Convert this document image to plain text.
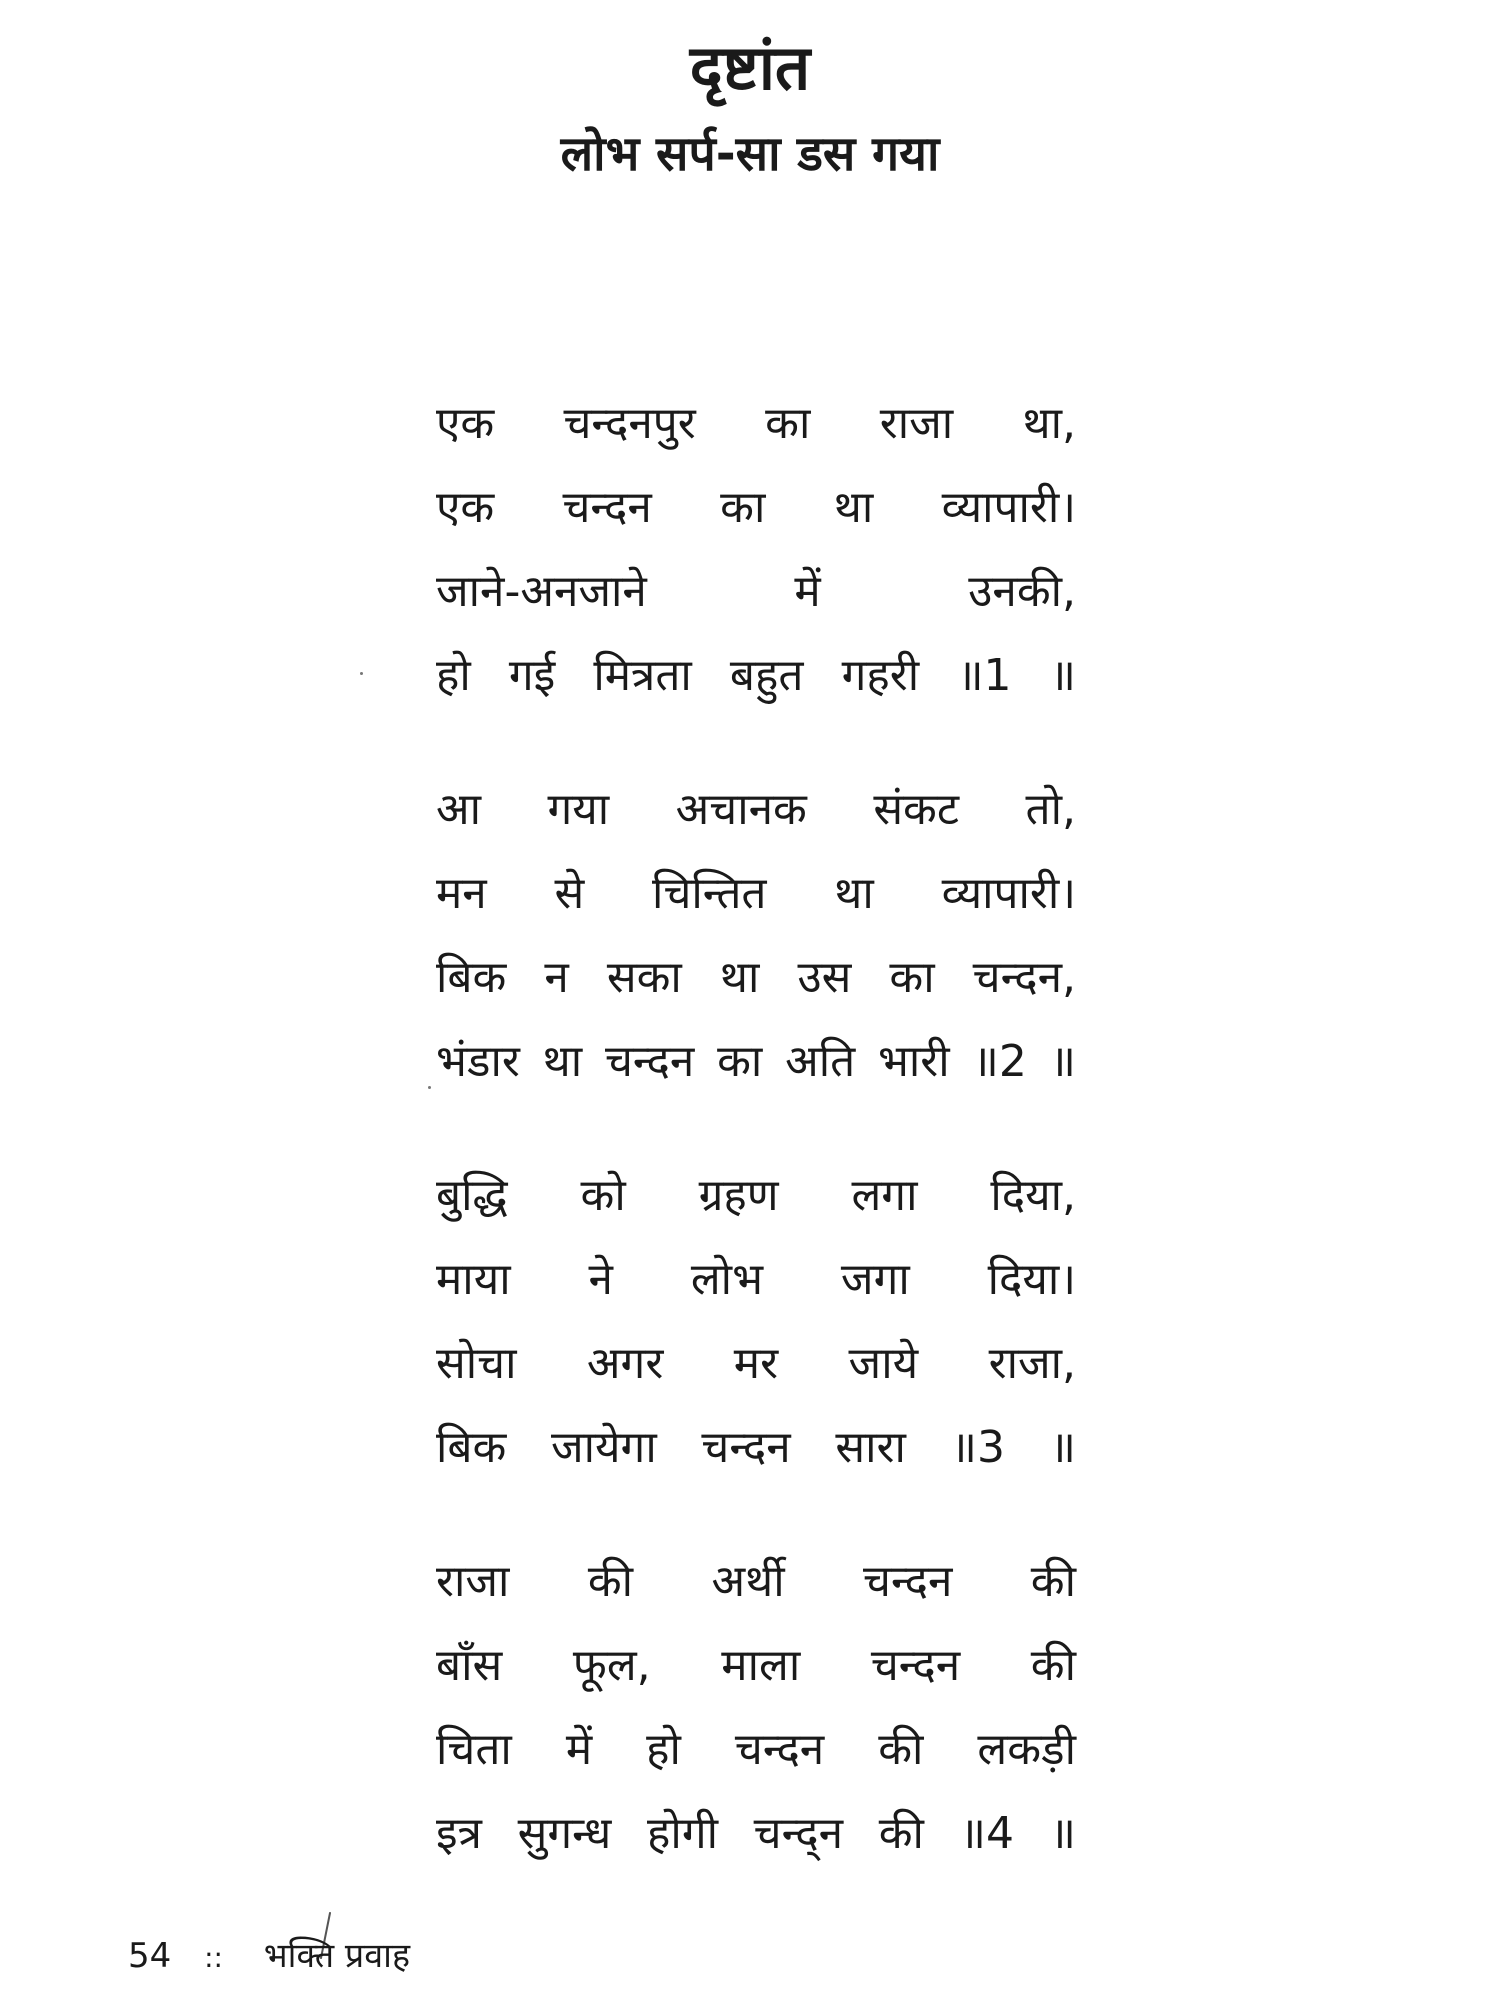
दृष्टांत
लोभ सर्प-सा डस गया
एक चन्दनपुर का राजा था,
एक चन्दन का था व्यापारी।
जाने-अनजाने में उनकी,
हो गई मित्रता बहुत गहरी ॥1 ॥
आ गया अचानक संकट तो,
मन से चिन्तित था व्यापारी।
बिक न सका था उस का चन्दन,
भंडार था चन्दन का अति भारी ॥2 ॥
बुद्धि को ग्रहण लगा दिया,
माया ने लोभ जगा दिया।
सोचा अगर मर जाये राजा,
बिक जायेगा चन्दन सारा ॥3 ॥
राजा की अर्थी चन्दन की
बाँस फूल, माला चन्दन की
चिता में हो चन्दन की लकड़ी
इत्र सुगन्ध होगी चन्द्न की ॥4 ॥
54 :: भक्ति प्रवाह
